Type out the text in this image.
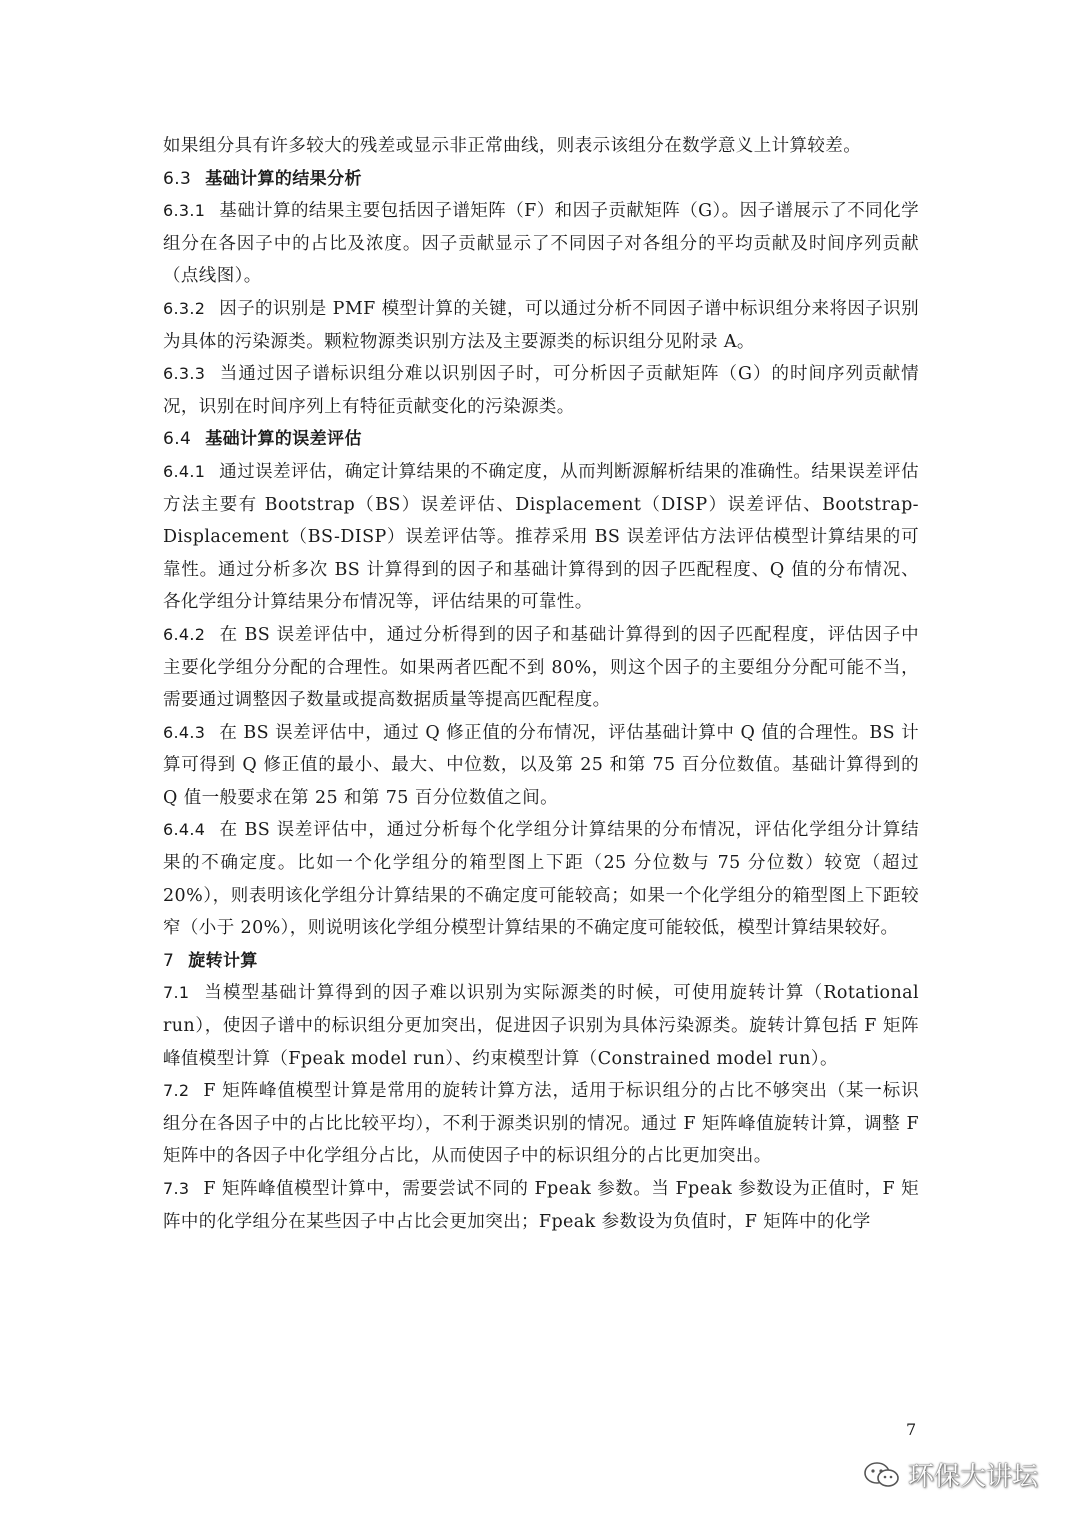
如果组分具有许多较大的残差或显示非正常曲线，则表示该组分在数学意义上计算较差。

6.3 基础计算的结果分析

6.3.1 基础计算的结果主要包括因子谱矩阵（F）和因子贡献矩阵（G）。因子谱展示了不同化学组分在各因子中的占比及浓度。因子贡献显示了不同因子对各组分的平均贡献及时间序列贡献（点线图）。

6.3.2 因子的识别是 PMF 模型计算的关键，可以通过分析不同因子谱中标识组分来将因子识别为具体的污染源类。颗粒物源类识别方法及主要源类的标识组分见附录 A。

6.3.3 当通过因子谱标识组分难以识别因子时，可分析因子贡献矩阵（G）的时间序列贡献情况，识别在时间序列上有特征贡献变化的污染源类。

6.4 基础计算的误差评估

6.4.1 通过误差评估，确定计算结果的不确定度，从而判断源解析结果的准确性。结果误差评估方法主要有 Bootstrap（BS）误差评估、Displacement（DISP）误差评估、Bootstrap-Displacement（BS-DISP）误差评估等。推荐采用 BS 误差评估方法评估模型计算结果的可靠性。通过分析多次 BS 计算得到的因子和基础计算得到的因子匹配程度、Q 值的分布情况、各化学组分计算结果分布情况等，评估结果的可靠性。

6.4.2 在 BS 误差评估中，通过分析得到的因子和基础计算得到的因子匹配程度，评估因子中主要化学组分分配的合理性。如果两者匹配不到 80%，则这个因子的主要组分分配可能不当，需要通过调整因子数量或提高数据质量等提高匹配程度。

6.4.3 在 BS 误差评估中，通过 Q 修正值的分布情况，评估基础计算中 Q 值的合理性。BS 计算可得到 Q 修正值的最小、最大、中位数，以及第 25 和第 75 百分位数值。基础计算得到的 Q 值一般要求在第 25 和第 75 百分位数值之间。

6.4.4 在 BS 误差评估中，通过分析每个化学组分计算结果的分布情况，评估化学组分计算结果的不确定度。比如一个化学组分的箱型图上下距（25 分位数与 75 分位数）较宽（超过 20%），则表明该化学组分计算结果的不确定度可能较高；如果一个化学组分的箱型图上下距较窄（小于 20%），则说明该化学组分模型计算结果的不确定度可能较低，模型计算结果较好。

7 旋转计算

7.1 当模型基础计算得到的因子难以识别为实际源类的时候，可使用旋转计算（Rotational run），使因子谱中的标识组分更加突出，促进因子识别为具体污染源类。旋转计算包括 F 矩阵峰值模型计算（Fpeak model run）、约束模型计算（Constrained model run）。

7.2 F 矩阵峰值模型计算是常用的旋转计算方法，适用于标识组分的占比不够突出（某一标识组分在各因子中的占比比较平均），不利于源类识别的情况。通过 F 矩阵峰值旋转计算，调整 F 矩阵中的各因子中化学组分占比，从而使因子中的标识组分的占比更加突出。

7.3 F 矩阵峰值模型计算中，需要尝试不同的 Fpeak 参数。当 Fpeak 参数设为正值时，F 矩阵中的化学组分在某些因子中占比会更加突出；Fpeak 参数设为负值时，F 矩阵中的化学

7
环保大讲坛
